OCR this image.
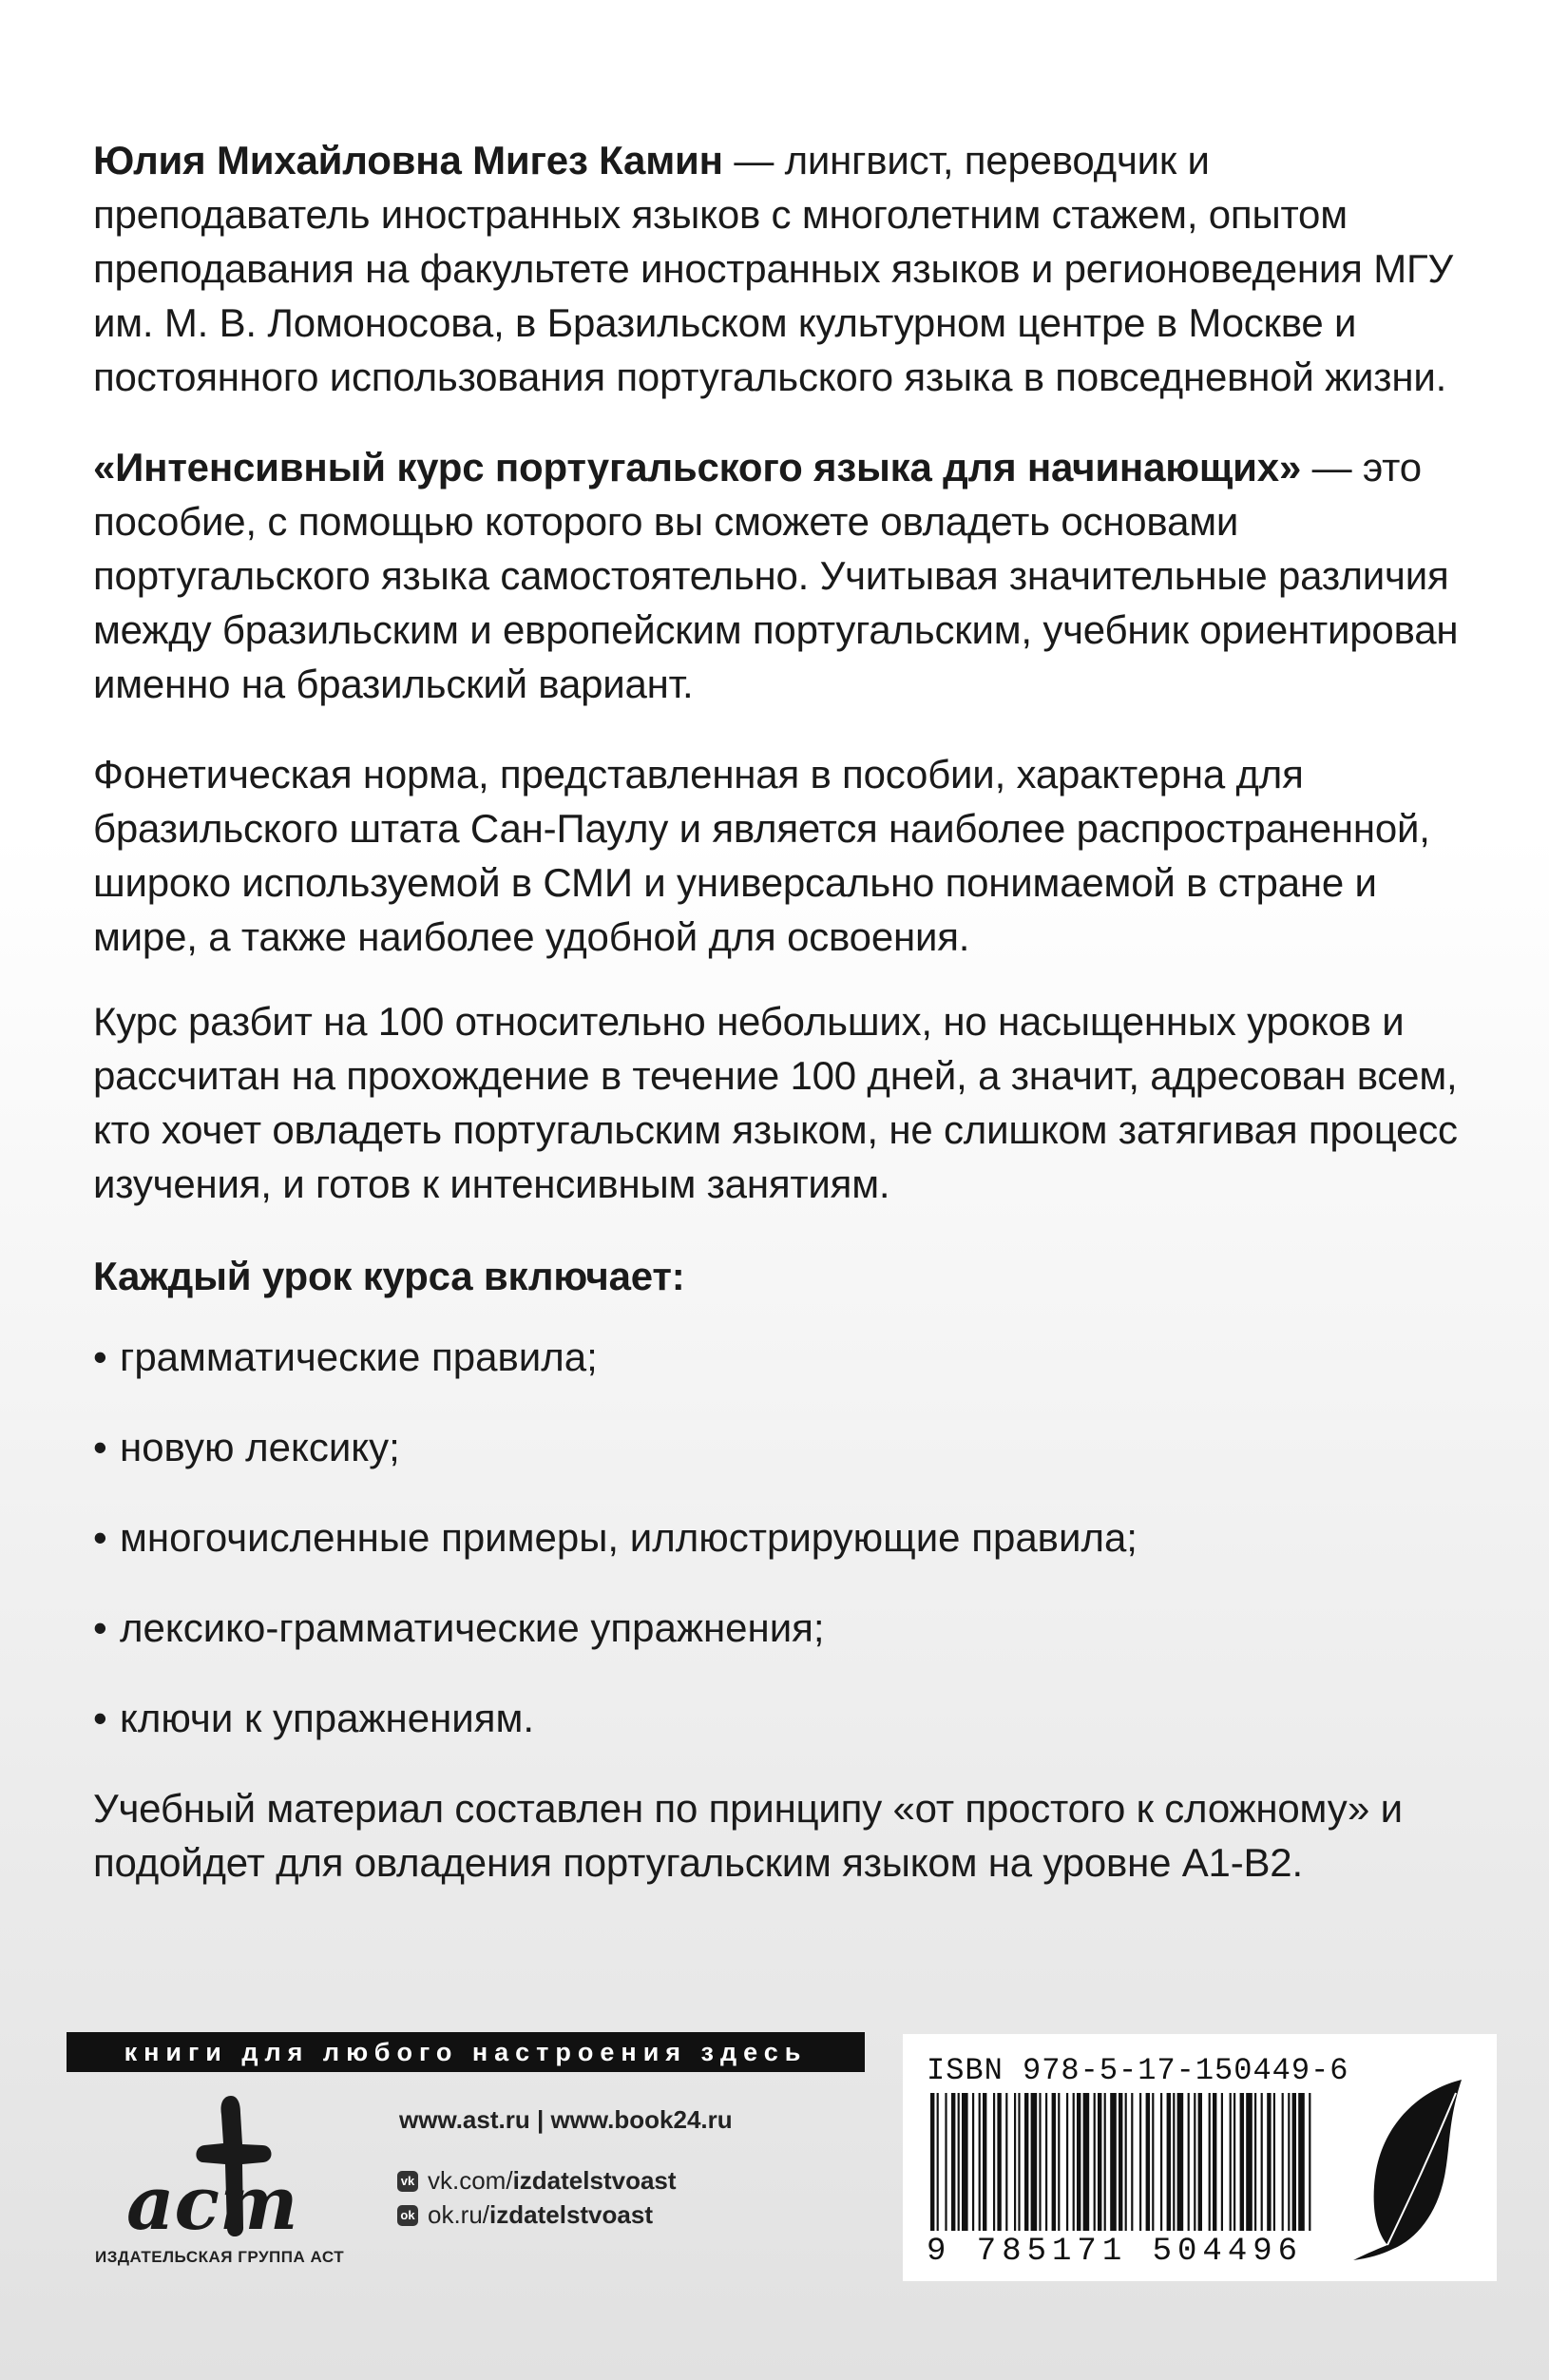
Юлия Михайловна Мигез Камин — лингвист, переводчик и преподаватель иностранных языков с многолетним стажем, опытом преподавания на факультете иностранных языков и регионоведения МГУ им. М. В. Ломоносова, в Бразильском культурном центре в Москве и постоянного использования португальского языка в повседневной жизни.

«Интенсивный курс португальского языка для начинающих» — это пособие, с помощью которого вы сможете овладеть основами португальского языка самостоятельно. Учитывая значительные различия между бразильским и европейским португальским, учебник ориентирован именно на бразильский вариант.

Фонетическая норма, представленная в пособии, характерна для бразильского штата Сан-Паулу и является наиболее распространенной, широко используемой в СМИ и универсально понимаемой в стране и мире, а также наиболее удобной для освоения.

Курс разбит на 100 относительно небольших, но насыщенных уроков и рассчитан на прохождение в течение 100 дней, а значит, адресован всем, кто хочет овладеть португальским языком, не слишком затягивая процесс изучения, и готов к интенсивным занятиям.

Каждый урок курса включает:

• грамматические правила;
• новую лексику;
• многочисленные примеры, иллюстрирующие правила;
• лексико-грамматические упражнения;
• ключи к упражнениям.

Учебный материал составлен по принципу «от простого к сложному» и подойдет для овладения португальским языком на уровне A1-B2.

книги для любого настроения здесь
аст
ИЗДАТЕЛЬСКАЯ ГРУППА АСТ
www.ast.ru | www.book24.ru
vk vk.com/ izdatelstvoast
ok ok.ru/ izdatelstvoast
ISBN 978-5-17-150449-6
9 785171 504496
